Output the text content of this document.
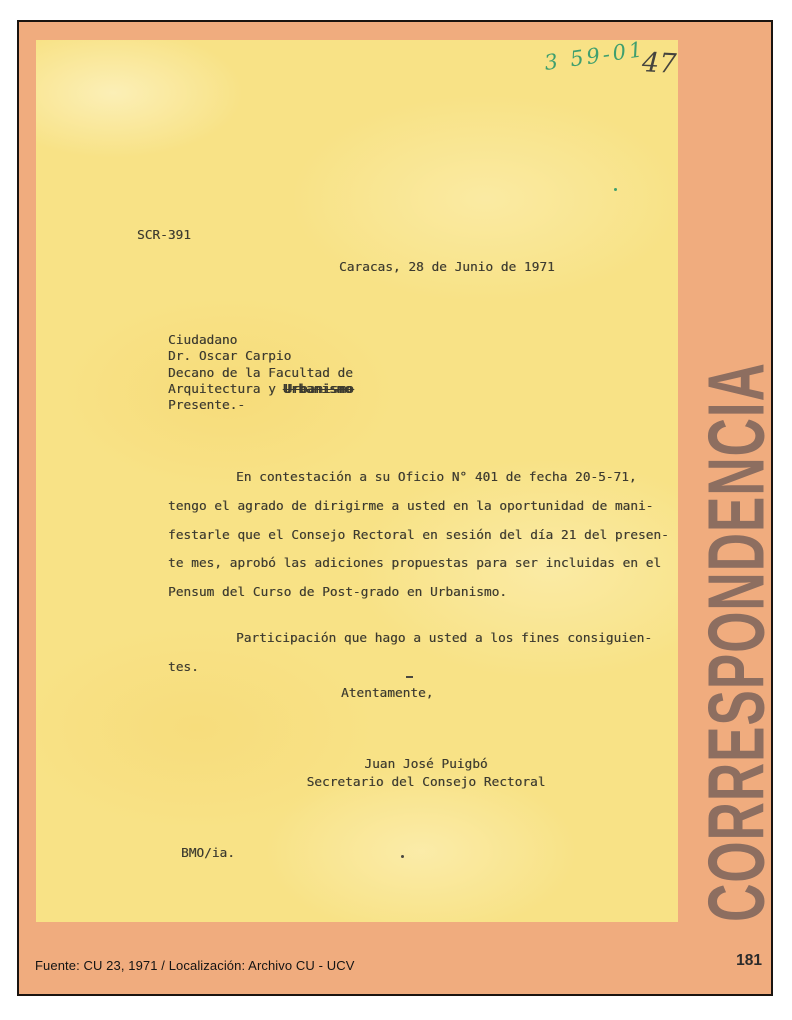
3 59-01
47
SCR-391
Caracas, 28 de Junio de 1971
Ciudadano
Dr. Oscar Carpio
Decano de la Facultad de
Arquitectura y Urbanismo
Presente.-
En contestación a su Oficio N° 401 de fecha 20-5-71,
tengo el agrado de dirigirme a usted en la oportunidad de mani-
festarle que el Consejo Rectoral en sesión del día 21 del presen-
te mes, aprobó las adiciones propuestas para ser incluidas en el
Pensum del Curso de Post-grado en Urbanismo.
Participación que hago a usted a los fines consiguien-
tes.
Atentamente,
Juan José Puigbó
Secretario del Consejo Rectoral
BMO/ia.	CORRESPONDENCIA
Fuente: CU 23, 1971 / Localización: Archivo CU - UCV	181
